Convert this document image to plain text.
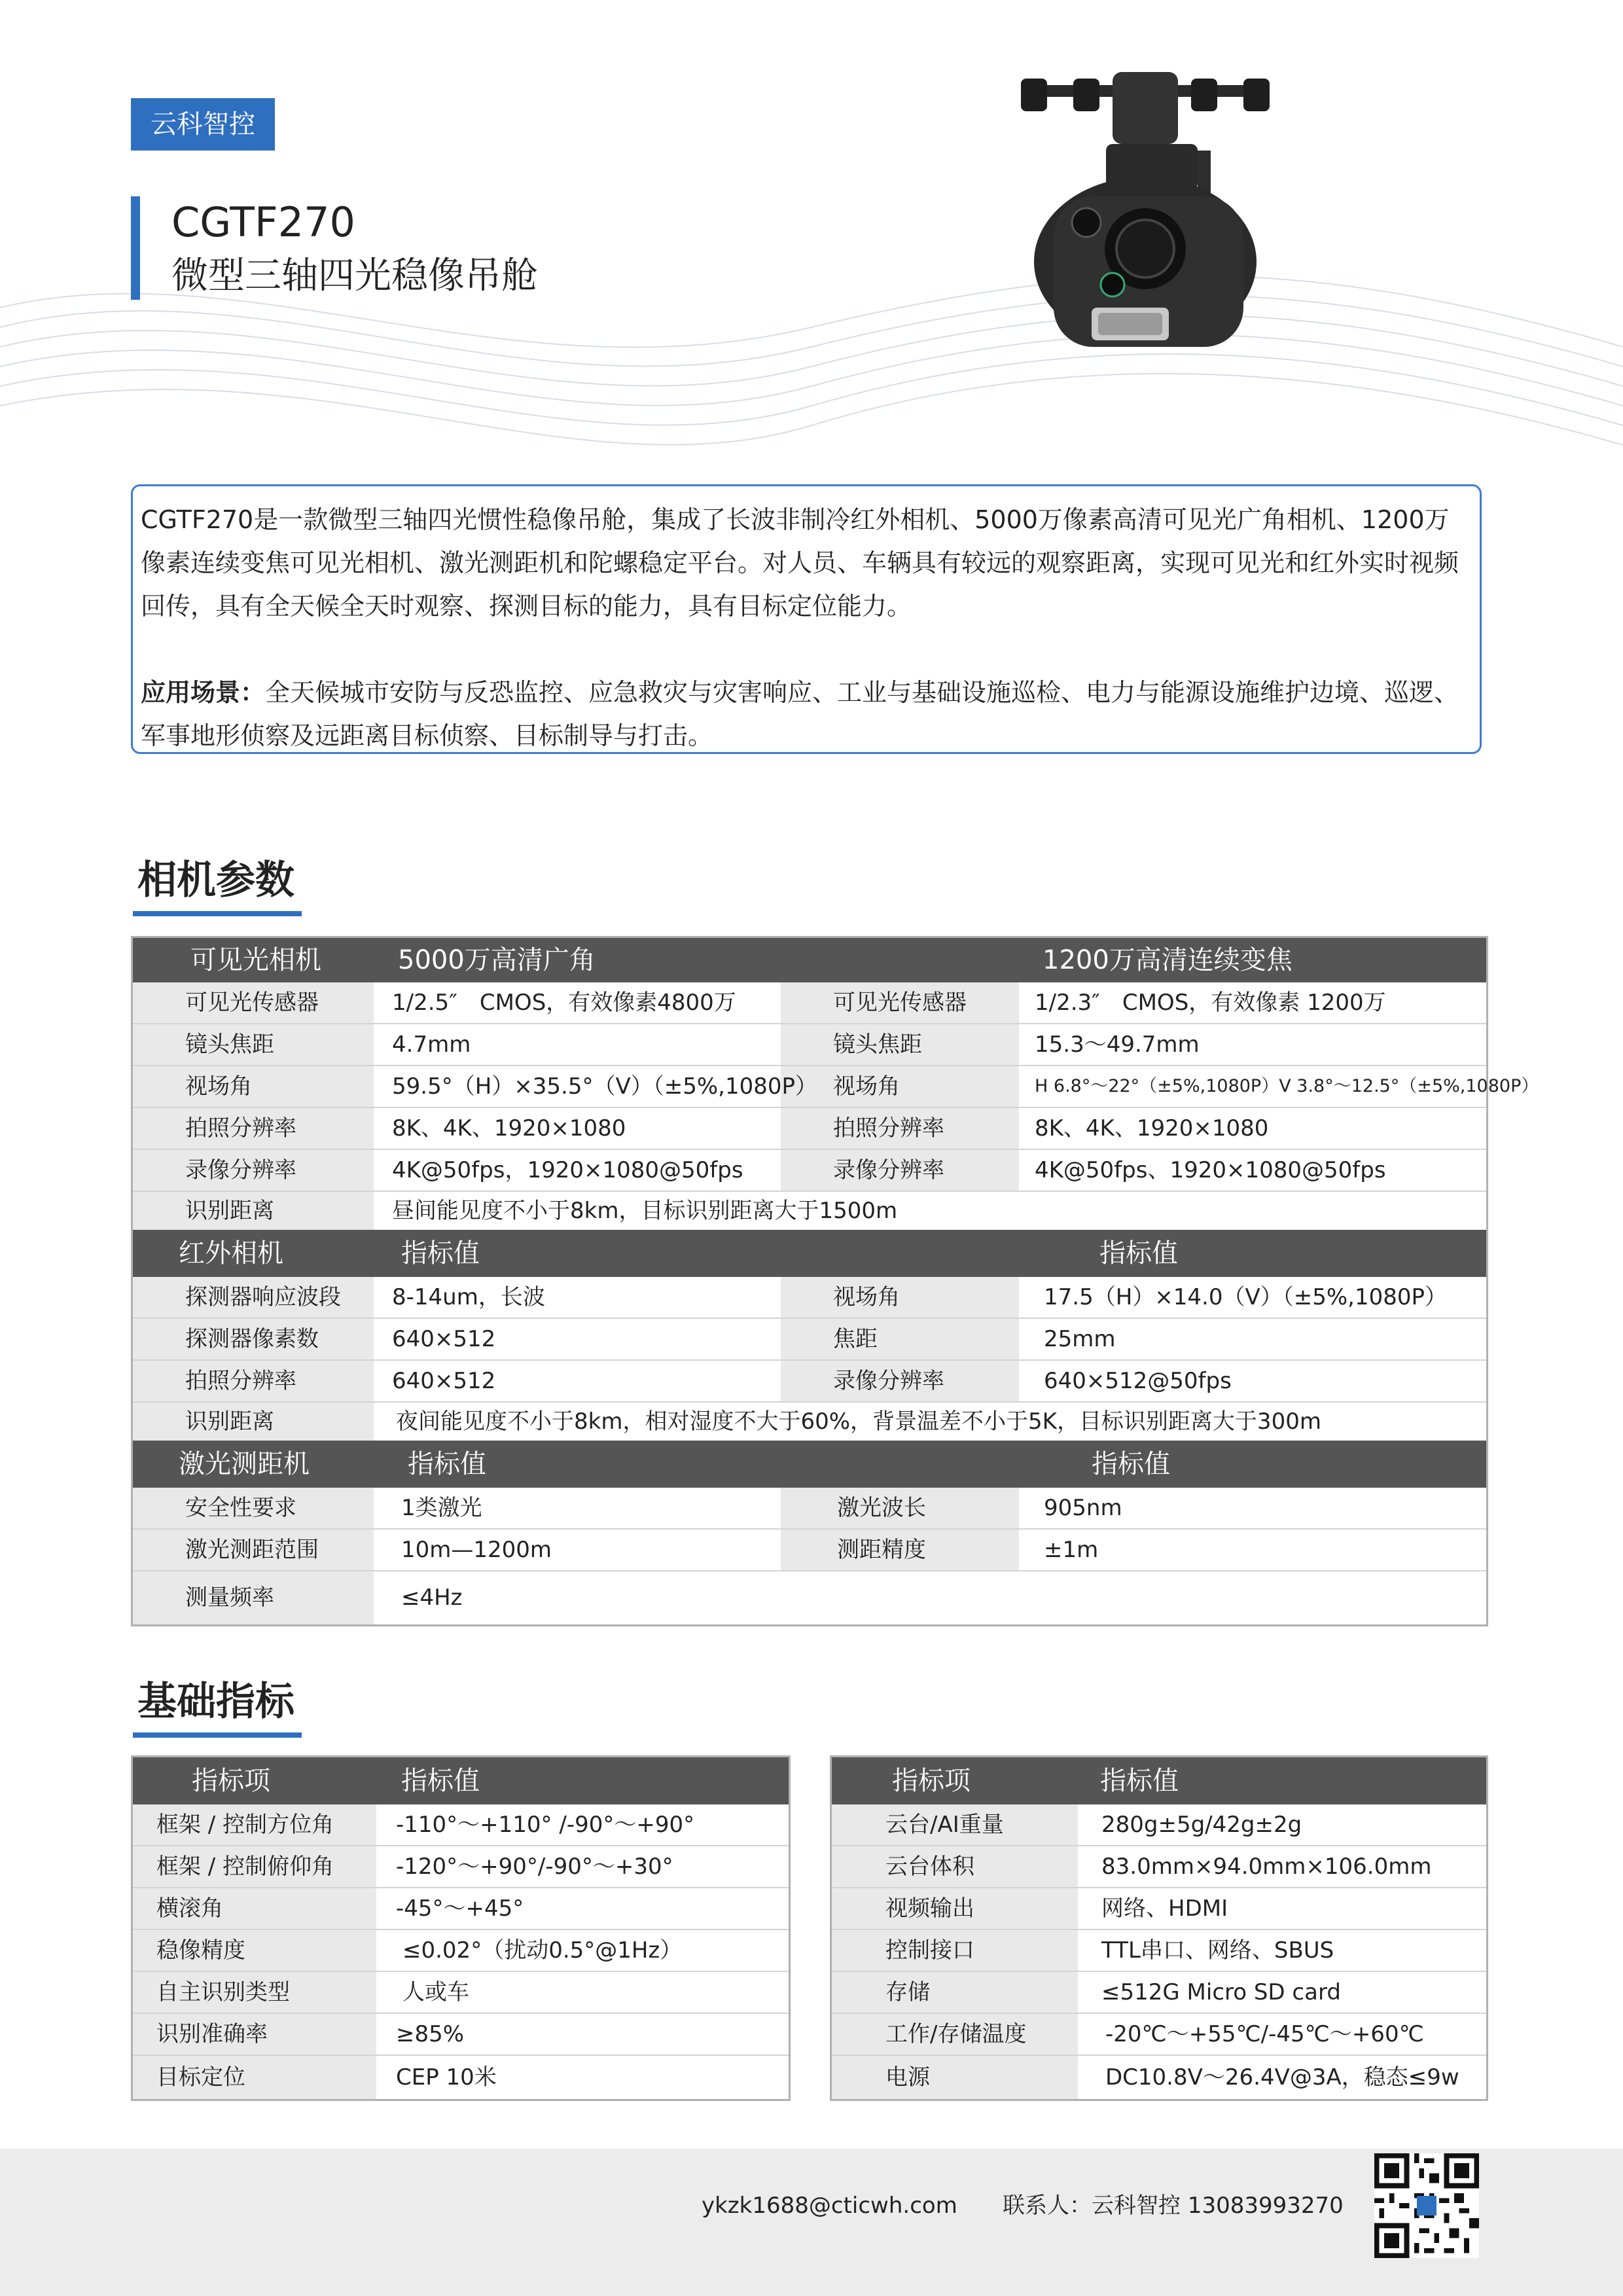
云科智控
CGTF270
微型三轴四光稳像吊舱

CGTF270是一款微型三轴四光惯性稳像吊舱，集成了长波非制冷红外相机、5000万像素高清可见光广角相机、1200万像素连续变焦可见光相机、激光测距机和陀螺稳定平台。对人员、车辆具有较远的观察距离，实现可见光和红外实时视频回传，具有全天候全天时观察、探测目标的能力，具有目标定位能力。

应用场景：全天候城市安防与反恐监控、应急救灾与灾害响应、工业与基础设施巡检、电力与能源设施维护边境、巡逻、军事地形侦察及远距离目标侦察、目标制导与打击。

相机参数
可见光相机	5000万高清广角	1200万高清连续变焦
可见光传感器	1/2.5″　CMOS，有效像素4800万	可见光传感器	1/2.3″　CMOS，有效像素 1200万
镜头焦距	4.7mm	镜头焦距	15.3～49.7mm
视场角	59.5°（H）×35.5°（V）（±5%,1080P） 视场角	H 6.8°～22°（±5%,1080P）V 3.8°～12.5°（±5%,1080P）
拍照分辨率	8K、4K、1920×1080	拍照分辨率	8K、4K、1920×1080
录像分辨率	4K@50fps，1920×1080@50fps	录像分辨率	4K@50fps、1920×1080@50fps
识别距离	昼间能见度不小于8km，目标识别距离大于1500m
红外相机	指标值	指标值
探测器响应波段 8-14um，长波	视场角	17.5（H）×14.0（V）（±5%,1080P）
探测器像素数	640×512	焦距	25mm
拍照分辨率	640×512	录像分辨率	640×512@50fps
识别距离	夜间能见度不小于8km，相对湿度不大于60%，背景温差不小于5K，目标识别距离大于300m
激光测距机	指标值	指标值
安全性要求	1类激光	激光波长	905nm
激光测距范围	10m—1200m	测距精度	±1m
测量频率	≤4Hz
基础指标
指标项	指标值
框架 / 控制方位角	-110°～+110° /-90°～+90°
框架 / 控制俯仰角	-120°～+90°/-90°～+30°
横滚角	-45°～+45°
稳像精度	≤0.02°（扰动0.5°@1Hz）
自主识别类型	人或车
识别准确率	≥85%
目标定位	CEP 10米
指标项	指标值
云台/AI重量	280g±5g/42g±2g
云台体积	83.0mm×94.0mm×106.0mm
视频输出	网络、HDMI
控制接口	TTL串口、网络、SBUS
存储	≤512G Micro SD card
工作/存储温度	-20℃～+55℃/-45℃～+60℃
电源	DC10.8V～26.4V@3A，稳态≤9w
ykzk1688@cticwh.com 联系人：云科智控 13083993270
